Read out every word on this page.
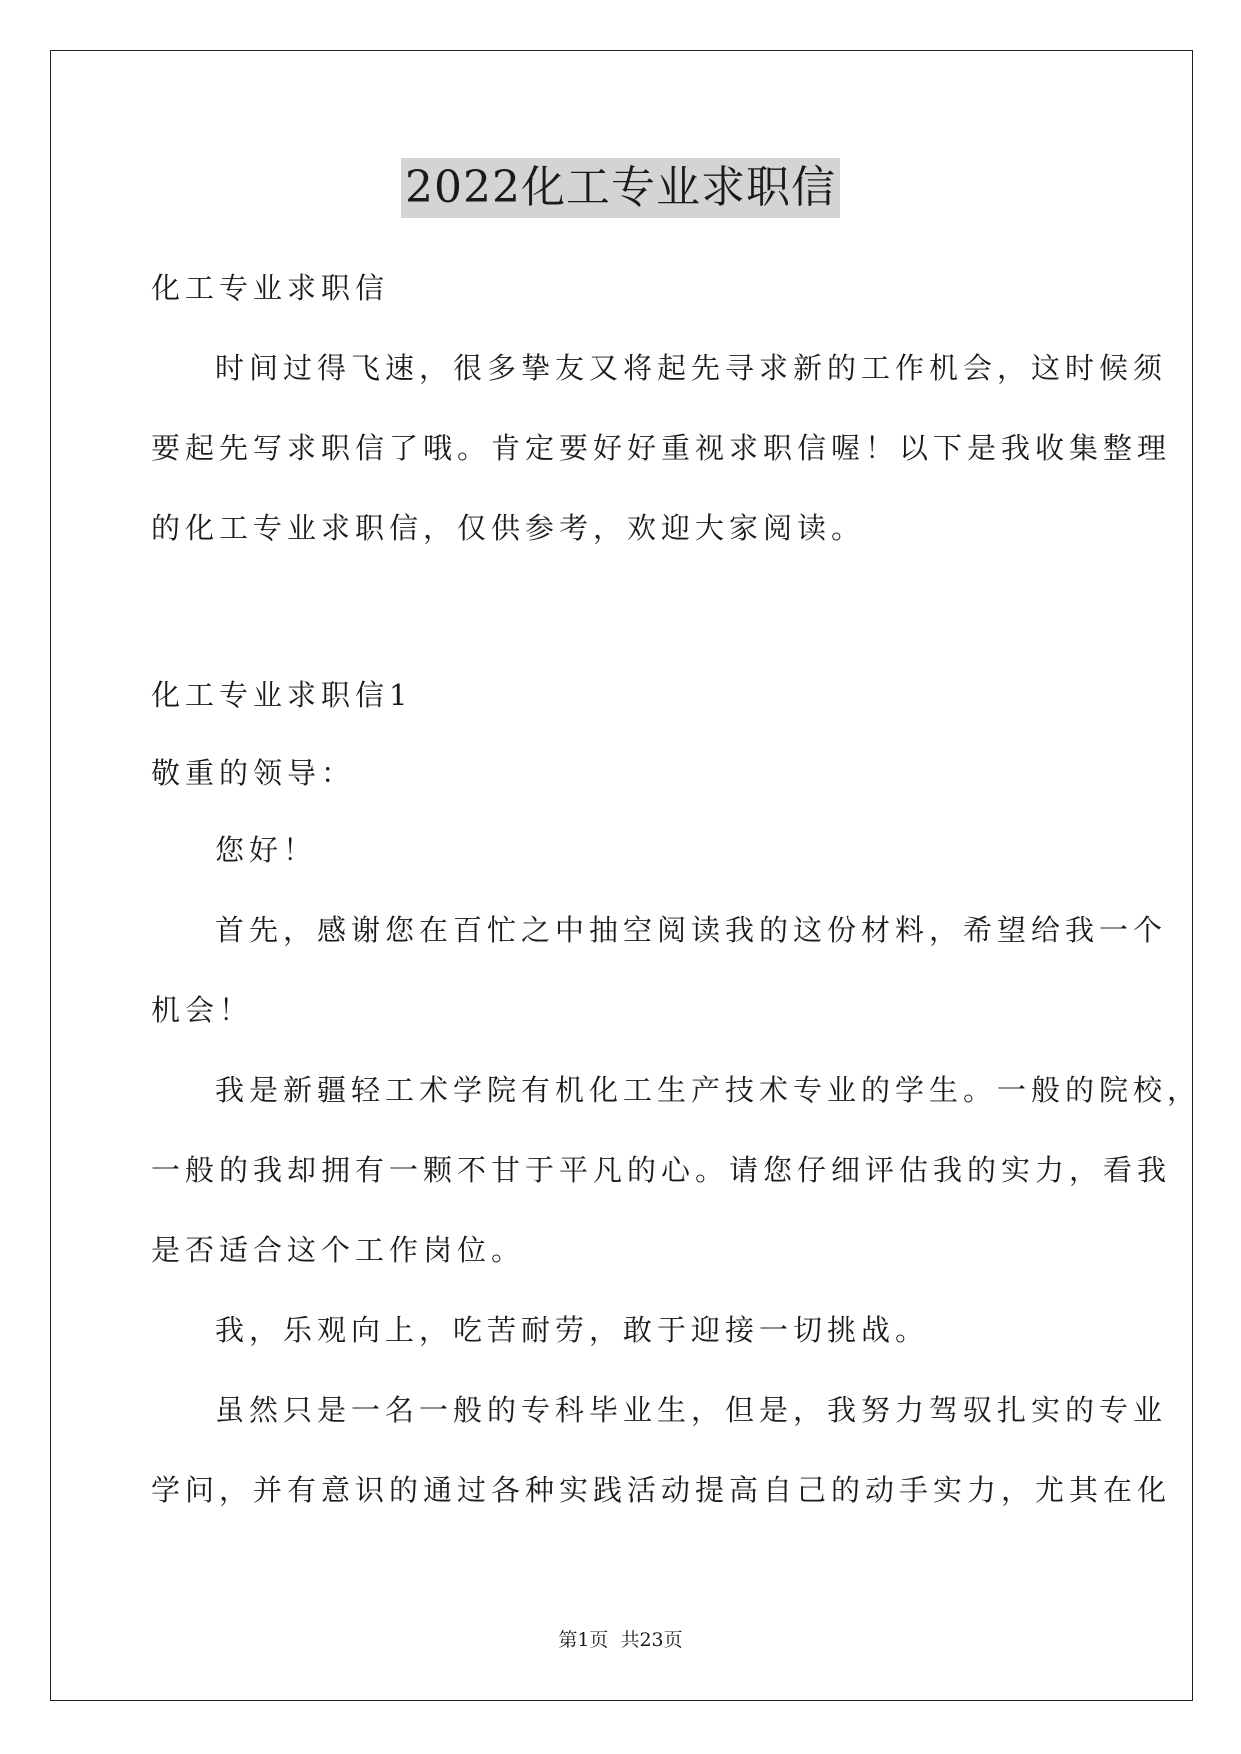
2022化工专业求职信
化工专业求职信
时间过得飞速，很多挚友又将起先寻求新的工作机会，这时候须
要起先写求职信了哦。肯定要好好重视求职信喔！以下是我收集整理
的化工专业求职信，仅供参考，欢迎大家阅读。
化工专业求职信1
敬重的领导：
您好！
首先，感谢您在百忙之中抽空阅读我的这份材料，希望给我一个
机会！
我是新疆轻工术学院有机化工生产技术专业的学生。一般的院校，
一般的我却拥有一颗不甘于平凡的心。请您仔细评估我的实力，看我
是否适合这个工作岗位。
我，乐观向上，吃苦耐劳，敢于迎接一切挑战。
虽然只是一名一般的专科毕业生，但是，我努力驾驭扎实的专业
学问，并有意识的通过各种实践活动提高自己的动手实力，尤其在化
第1页 共23页
